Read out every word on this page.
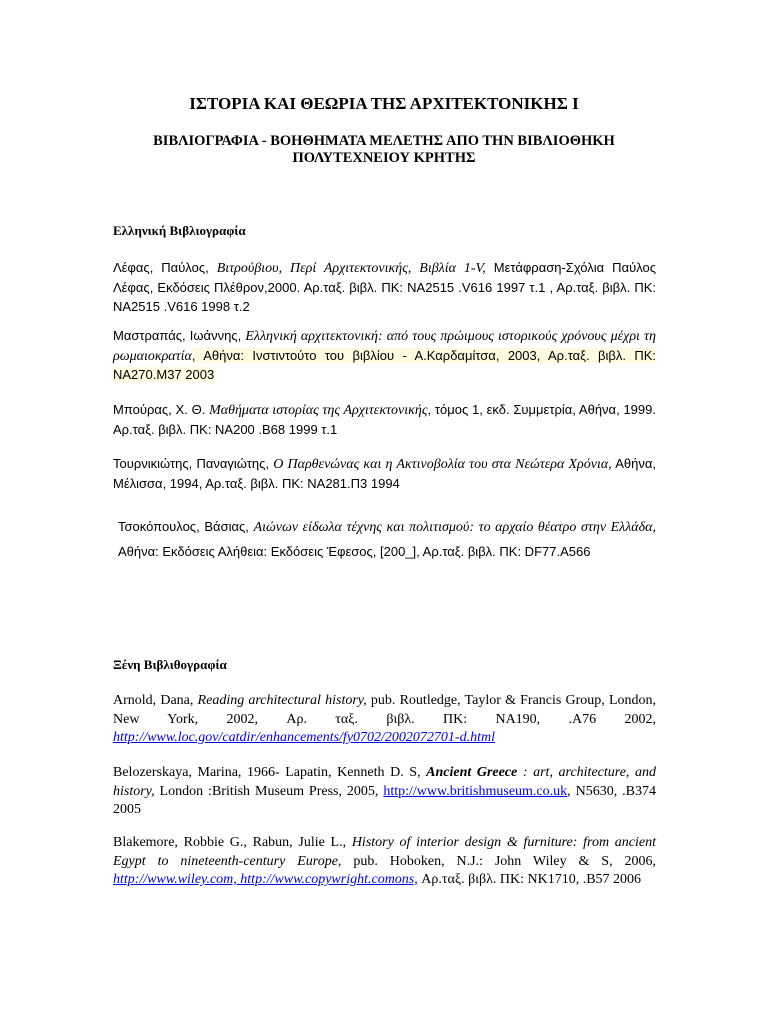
ΙΣΤΟΡΙΑ ΚΑΙ ΘΕΩΡΙΑ ΤΗΣ ΑΡΧΙΤΕΚΤΟΝΙΚΗΣ Ι
ΒΙΒΛΙΟΓΡΑΦΙΑ - ΒΟΗΘΗΜΑΤΑ ΜΕΛΕΤΗΣ ΑΠΟ ΤΗΝ ΒΙΒΛΙΟΘΗΚΗ
ΠΟΛΥΤΕΧΝΕΙΟΥ ΚΡΗΤΗΣ
Ελληνική Βιβλιογραφία
Λέφας, Παύλος, Βιτρούβιου, Περί Αρχιτεκτονικής, Βιβλία 1-V, Μετάφραση-Σχόλια Παύλος Λέφας, Εκδόσεις Πλέθρον,2000. Αρ.ταξ. βιβλ. ΠΚ: NA2515 .V616 1997 τ.1 , Αρ.ταξ. βιβλ. ΠΚ: NA2515 .V616 1998 τ.2
Μαστραπάς, Ιωάννης, Ελληνική αρχιτεκτονική: από τους πρώιμους ιστορικούς χρόνους μέχρι τη ρωμαιοκρατία, Αθήνα: Ινστιντούτο του βιβλίου - Α.Καρδαμίτσα, 2003, Αρ.ταξ. βιβλ. ΠΚ: NA270.M37 2003
Μπούρας, Χ. Θ. Μαθήματα ιστορίας της Αρχιτεκτονικής, τόμος 1, εκδ. Συμμετρία, Αθήνα, 1999. Αρ.ταξ. βιβλ. ΠΚ: NA200 .B68 1999 τ.1
Τουρνικιώτης, Παναγιώτης, Ο Παρθενώνας και η Ακτινοβολία του στα Νεώτερα Χρόνια, Αθήνα, Μέλισσα, 1994, Αρ.ταξ. βιβλ. ΠΚ: NA281.Π3 1994
Τσοκόπουλος, Βάσιας, Αιώνων είδωλα τέχνης και πολιτισμού: το αρχαίο θέατρο στην Ελλάδα, Αθήνα: Εκδόσεις Αλήθεια: Εκδόσεις Έφεσος, [200_], Αρ.ταξ. βιβλ. ΠΚ: DF77.A566
Ξένη Βιβλιθογραφία
Arnold, Dana, Reading architectural history, pub. Routledge, Taylor & Francis Group, London, New York, 2002, Αρ. ταξ. βιβλ. ΠΚ: NA190, .A76 2002, http://www.loc.gov/catdir/enhancements/fy0702/2002072701-d.html
Belozerskaya, Marina, 1966- Lapatin, Kenneth D. S, Ancient Greece : art, architecture, and history, London :British Museum Press, 2005, http://www.britishmuseum.co.uk, N5630, .B374 2005
Blakemore, Robbie G., Rabun, Julie L., History of interior design & furniture: from ancient Egypt to nineteenth-century Europe, pub. Hoboken, N.J.: John Wiley & S, 2006, http://www.wiley.com, http://www.copywright.comons, Αρ.ταξ. βιβλ. ΠΚ: NK1710, .B57 2006
